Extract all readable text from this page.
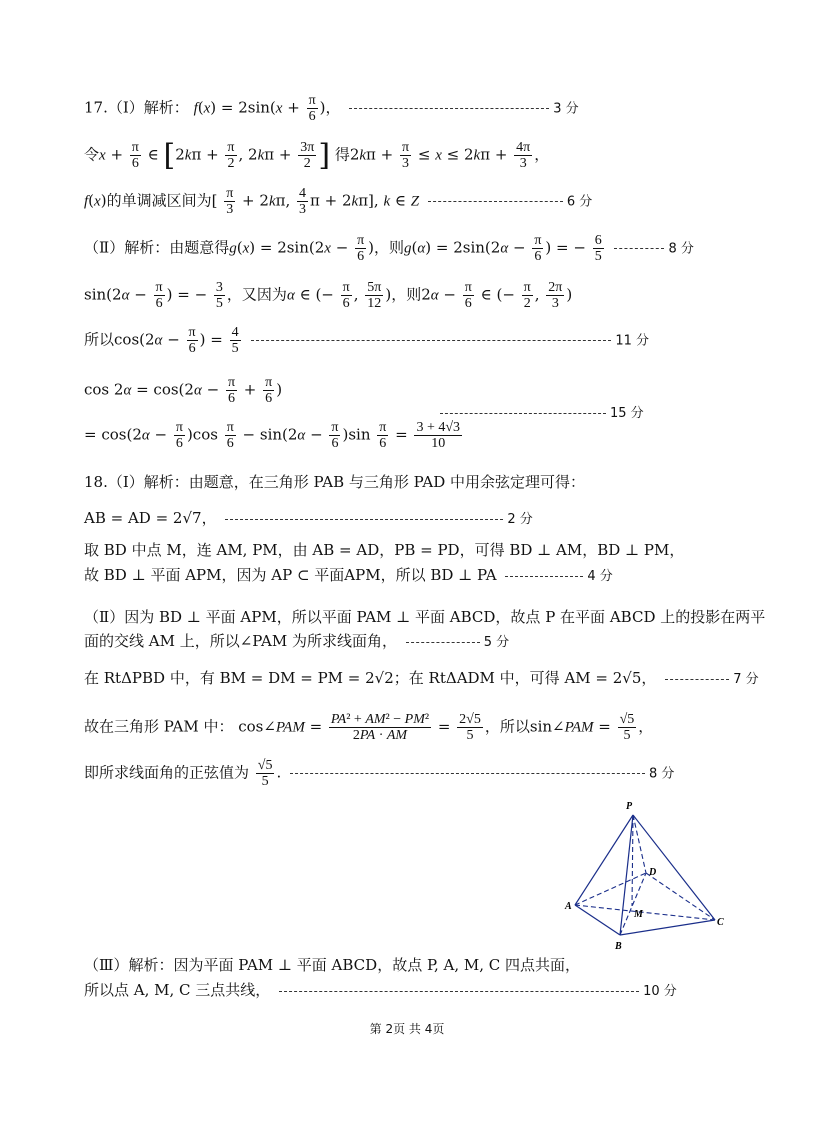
17.（Ⅰ）解析： $f(x) = 2\sin(x + \frac{\pi}{6}$ )，	3 分
令$x + \frac{\pi}{6}$ ∈ [$2k\pi + \frac{\pi}{2}$ , $2k\pi + \frac{3\pi}{2}$ ] 得$2k\pi + \frac{\pi}{3} \le x \le 2k\pi + \frac{4\pi}{3}$ ，
f(x)的单调减区间为[ $\frac{\pi}{3} + 2k\pi$, $\frac{4}{3}$ π + 2kπ], k ∈ Z	6 分
（Ⅱ）解析：由题意得$g(x) = 2\sin(2x - \frac{\pi}{6}$ )，则$g(\alpha) = 2\sin(2\alpha - \frac{\pi}{6}$ ) = − $\frac{6}{5}$	8 分
$\sin(2\alpha - \frac{\pi}{6}$ ) = − $\frac{3}{5}$ ，又因为α ∈ (− $\frac{\pi}{6}$ , $\frac{5\pi}{12}$ )，则$2\alpha - \frac{\pi}{6}$ ∈ (− $\frac{\pi}{2}$ , $\frac{2\pi}{3}$ )
所以$\cos(2\alpha - \frac{\pi}{6}$ ) = $\frac{4}{5}$	11 分
$\cos 2\alpha = \cos(2\alpha - \frac{\pi}{6} + \frac{\pi}{6}$ )
= $\cos(2\alpha - \frac{\pi}{6} )\cos \frac{\pi}{6} - \sin(2\alpha - \frac{\pi}{6} )\sin \frac{\pi}{6} = \frac{3 + 4√3}{10}$
15 分
18.（Ⅰ）解析：由题意，在三角形 PAB 与三角形 PAD 中用余弦定理可得：
AB = AD = 2√7，	2 分
取 BD 中点 M，连 AM, PM，由 AB = AD，PB = PD，可得 BD ⊥ AM，BD ⊥ PM，
故 BD ⊥ 平面 APM，因为 AP ⊂ 平面APM，所以 BD ⊥ PA	4 分
（Ⅱ）因为 BD ⊥ 平面 APM，所以平面 PAM ⊥ 平面 ABCD，故点 P 在平面 ABCD 上的投影在两平
面的交线 AM 上，所以∠PAM 为所求线面角，	5 分
在 RtΔPBD 中，有 BM = DM = PM = 2√2；在 RtΔADM 中，可得 AM = 2√5，	7 分
故在三角形 PAM 中： cos∠PAM = $\frac{\text{PA² + AM² − PM²}}{2PA \cdot AM} = \frac{2√5}{5}$ ，所以sin∠PAM = $\frac{√5}{5}$ ，
即所求线面角的正弦值为 $\frac{√5}{5}$ .	8 分
P
A
B
C
D
M
（Ⅲ）解析：因为平面 PAM ⊥ 平面 ABCD，故点 P, A, M, C 四点共面，
所以点 A, M, C 三点共线，	10 分
第 2页 共 4页
